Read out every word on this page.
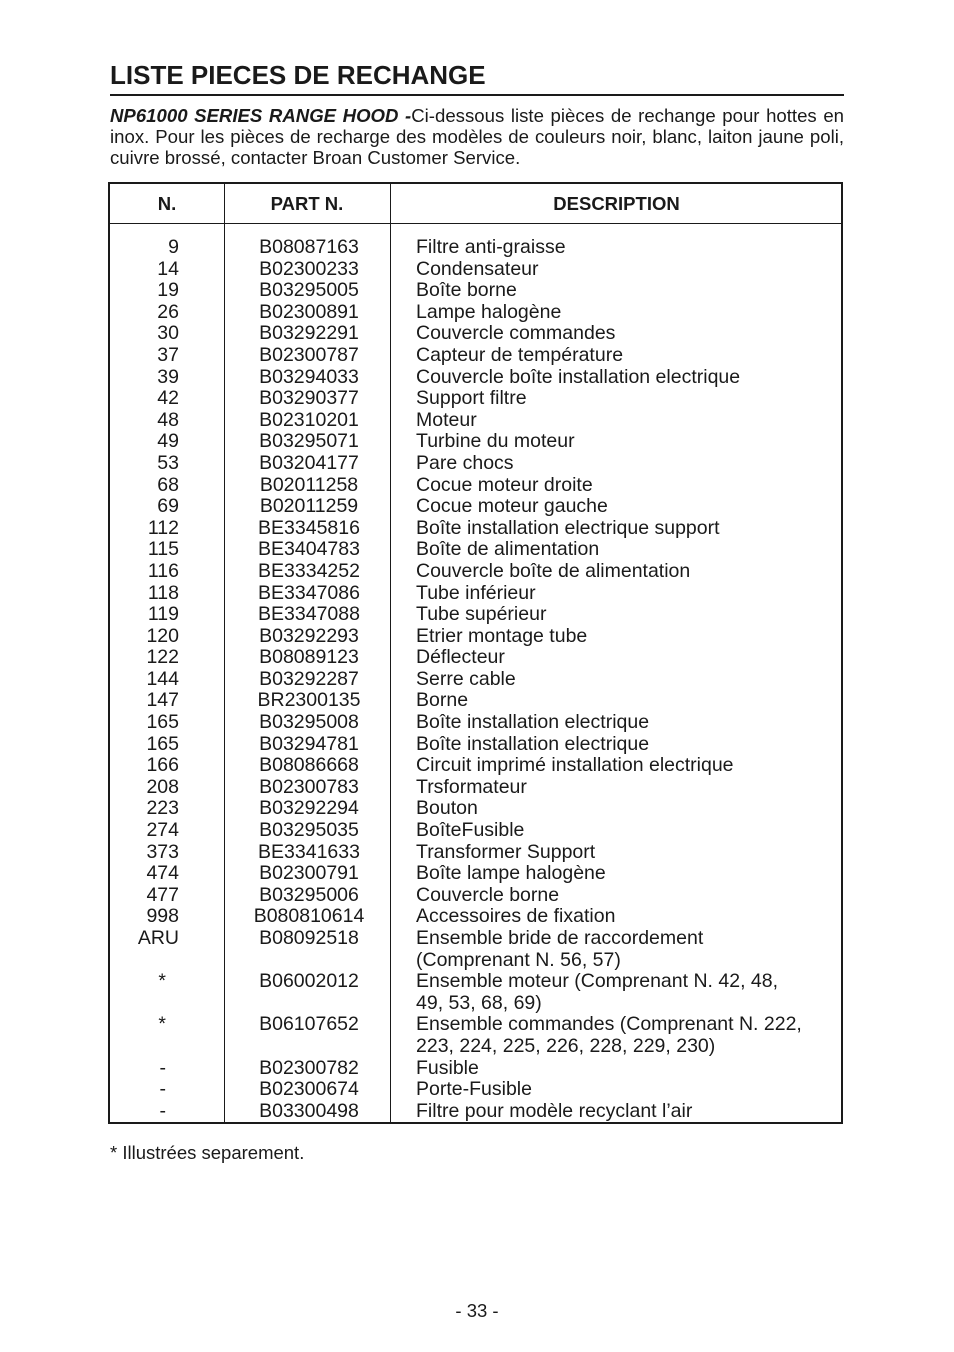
LISTE PIECES DE RECHANGE

NP61000 SERIES RANGE HOOD -Ci-dessous liste pièces de rechange pour hottes en inox. Pour les pièces de recharge des modèles de couleurs noir, blanc, laiton jaune poli, cuivre brossé, contacter Broan Customer Service.

N.	PART N.	DESCRIPTION
9	B08087163	Filtre anti-graisse
14	B02300233	Condensateur
19	B03295005	Boîte borne
26	B02300891	Lampe halogène
30	B03292291	Couvercle commandes
37	B02300787	Capteur de température
39	B03294033	Couvercle boîte installation electrique
42	B03290377	Support filtre
48	B02310201	Moteur
49	B03295071	Turbine du moteur
53	B03204177	Pare chocs
68	B02011258	Cocue moteur droite
69	B02011259	Cocue moteur gauche
112	BE3345816	Boîte installation electrique support
115	BE3404783	Boîte de alimentation
116	BE3334252	Couvercle boîte de alimentation
118	BE3347086	Tube inférieur
119	BE3347088	Tube supérieur
120	B03292293	Etrier montage tube
122	B08089123	Déflecteur
144	B03292287	Serre cable
147	BR2300135	Borne
165	B03295008	Boîte installation electrique
165	B03294781	Boîte installation electrique
166	B08086668	Circuit imprimé installation electrique
208	B02300783	Trsformateur
223	B03292294	Bouton
274	B03295035	BoîteFusible
373	BE3341633	Transformer Support
474	B02300791	Boîte lampe halogène
477	B03295006	Couvercle borne
998	B080810614	Accessoires de fixation
ARU	B08092518	Ensemble bride de raccordement
(Comprenant N. 56, 57)
*	B06002012	Ensemble moteur (Comprenant N. 42, 48,
49, 53, 68, 69)
*	B06107652	Ensemble commandes (Comprenant N. 222,
223, 224, 225, 226, 228, 229, 230)
-	B02300782	Fusible
-	B02300674	Porte-Fusible
-	B03300498	Filtre pour modèle recyclant l’air
* Illustrées separement.
- 33 -
